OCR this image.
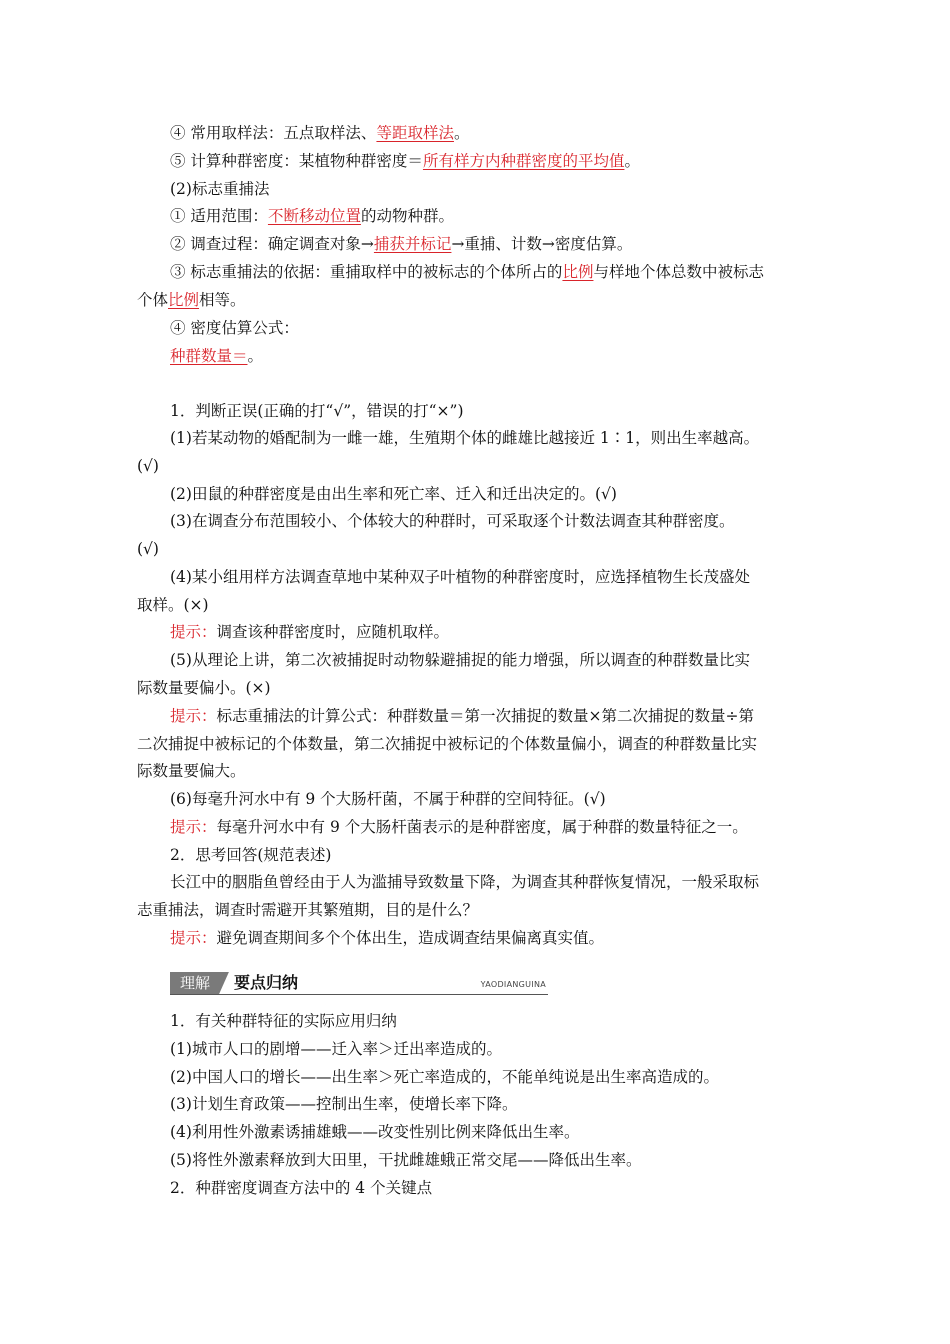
④ 常用取样法：五点取样法、等距取样法。
⑤ 计算种群密度：某植物种群密度＝所有样方内种群密度的平均值。
(2)标志重捕法
① 适用范围：不断移动位置的动物种群。
② 调查过程：确定调查对象→捕获并标记→重捕、计数→密度估算。
③ 标志重捕法的依据：重捕取样中的被标志的个体所占的比例与样地个体总数中被标志
个体比例相等。
④ 密度估算公式：
种群数量＝。
1．判断正误(正确的打“√”，错误的打“×”)
(1)若某动物的婚配制为一雌一雄，生殖期个体的雌雄比越接近 1∶1，则出生率越高。
(√)
(2)田鼠的种群密度是由出生率和死亡率、迁入和迁出决定的。(√)
(3)在调查分布范围较小、个体较大的种群时，可采取逐个计数法调查其种群密度。
(√)
(4)某小组用样方法调查草地中某种双子叶植物的种群密度时，应选择植物生长茂盛处
取样。(×)
提示：调查该种群密度时，应随机取样。
(5)从理论上讲，第二次被捕捉时动物躲避捕捉的能力增强，所以调查的种群数量比实
际数量要偏小。(×)
提示：标志重捕法的计算公式：种群数量＝第一次捕捉的数量×第二次捕捉的数量÷第
二次捕捉中被标记的个体数量，第二次捕捉中被标记的个体数量偏小，调查的种群数量比实
际数量要偏大。
(6)每毫升河水中有 9 个大肠杆菌，不属于种群的空间特征。(√)
提示：每毫升河水中有 9 个大肠杆菌表示的是种群密度，属于种群的数量特征之一。
2．思考回答(规范表述)
长江中的胭脂鱼曾经由于人为滥捕导致数量下降，为调查其种群恢复情况，一般采取标
志重捕法，调查时需避开其繁殖期，目的是什么？
提示：避免调查期间多个个体出生，造成调查结果偏离真实值。
理解	要点归纳	YAODIANGUINA
1．有关种群特征的实际应用归纳
(1)城市人口的剧增——迁入率＞迁出率造成的。
(2)中国人口的增长——出生率＞死亡率造成的，不能单纯说是出生率高造成的。
(3)计划生育政策——控制出生率，使增长率下降。
(4)利用性外激素诱捕雄蛾——改变性别比例来降低出生率。
(5)将性外激素释放到大田里，干扰雌雄蛾正常交尾——降低出生率。
2．种群密度调查方法中的 4 个关键点
